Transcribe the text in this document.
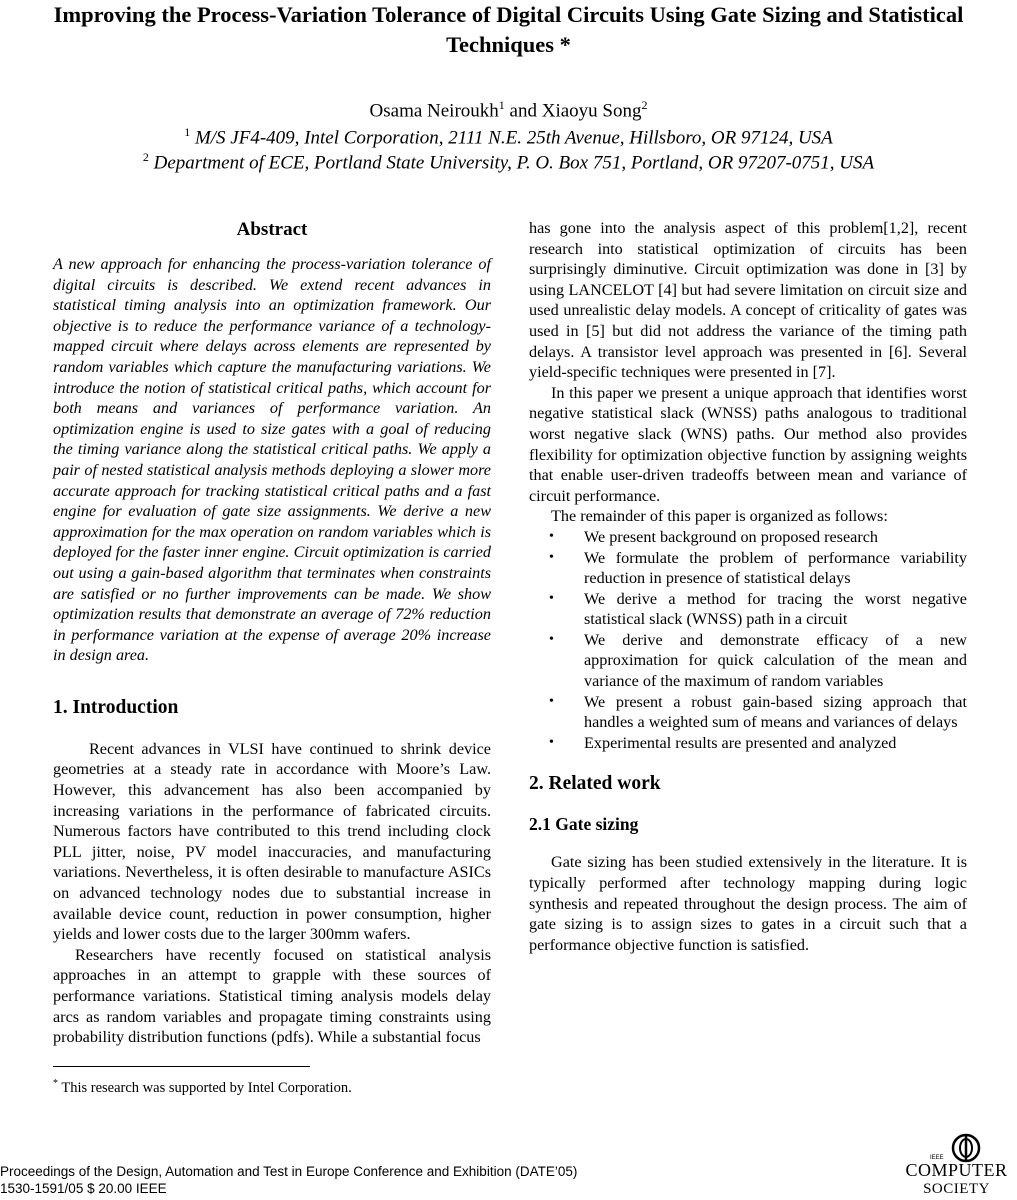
Improving the Process-Variation Tolerance of Digital Circuits Using Gate Sizing and Statistical Techniques *
Osama Neiroukh$^1$ and Xiaoyu Song$^2$
$^1$ M/S JF4-409, Intel Corporation, 2111 N.E. 25th Avenue, Hillsboro, OR 97124, USA
$^2$ Department of ECE, Portland State University, P. O. Box 751, Portland, OR 97207-0751, USA
Abstract

A new approach for enhancing the process-variation tolerance of digital circuits is described. We extend recent advances in statistical timing analysis into an optimization framework. Our objective is to reduce the performance variance of a technology-mapped circuit where delays across elements are represented by random variables which capture the manufacturing variations. We introduce the notion of statistical critical paths, which account for both means and variances of performance variation. An optimization engine is used to size gates with a goal of reducing the timing variance along the statistical critical paths. We apply a pair of nested statistical analysis methods deploying a slower more accurate approach for tracking statistical critical paths and a fast engine for evaluation of gate size assignments. We derive a new approximation for the max operation on random variables which is deployed for the faster inner engine. Circuit optimization is carried out using a gain-based algorithm that terminates when constraints are satisfied or no further improvements can be made. We show optimization results that demonstrate an average of 72% reduction in performance variation at the expense of average 20% increase in design area.

1. Introduction

Recent advances in VLSI have continued to shrink device geometries at a steady rate in accordance with Moore’s Law. However, this advancement has also been accompanied by increasing variations in the performance of fabricated circuits. Numerous factors have contributed to this trend including clock PLL jitter, noise, PV model inaccuracies, and manufacturing variations. Nevertheless, it is often desirable to manufacture ASICs on advanced technology nodes due to substantial increase in available device count, reduction in power consumption, higher yields and lower costs due to the larger 300mm wafers.

Researchers have recently focused on statistical analysis approaches in an attempt to grapple with these sources of performance variations. Statistical timing analysis models delay arcs as random variables and propagate timing constraints using probability distribution functions (pdfs). While a substantial focus

has gone into the analysis aspect of this problem[1,2], recent research into statistical optimization of circuits has been surprisingly diminutive. Circuit optimization was done in [3] by using LANCELOT [4] but had severe limitation on circuit size and used unrealistic delay models. A concept of criticality of gates was used in [5] but did not address the variance of the timing path delays. A transistor level approach was presented in [6]. Several yield-specific techniques were presented in [7].

In this paper we present a unique approach that identifies worst negative statistical slack (WNSS) paths analogous to traditional worst negative slack (WNS) paths. Our method also provides flexibility for optimization objective function by assigning weights that enable user-driven tradeoffs between mean and variance of circuit performance.

The remainder of this paper is organized as follows:

• We present background on proposed research
• We formulate the problem of performance variability reduction in presence of statistical delays
• We derive a method for tracing the worst negative statistical slack (WNSS) path in a circuit
• We derive and demonstrate efficacy of a new approximation for quick calculation of the mean and variance of the maximum of random variables
• We present a robust gain-based sizing approach that handles a weighted sum of means and variances of delays
• Experimental results are presented and analyzed
2. Related work
2.1 Gate sizing

Gate sizing has been studied extensively in the literature. It is typically performed after technology mapping during logic synthesis and repeated throughout the design process. The aim of gate sizing is to assign sizes to gates in a circuit such that a performance objective function is satisfied.

* This research was supported by Intel Corporation.
Proceedings of the Design, Automation and Test in Europe Conference and Exhibition (DATE’05)
1530-1591/05 $ 20.00 IEEE
IEEE
COMPUTER
SOCIETY
